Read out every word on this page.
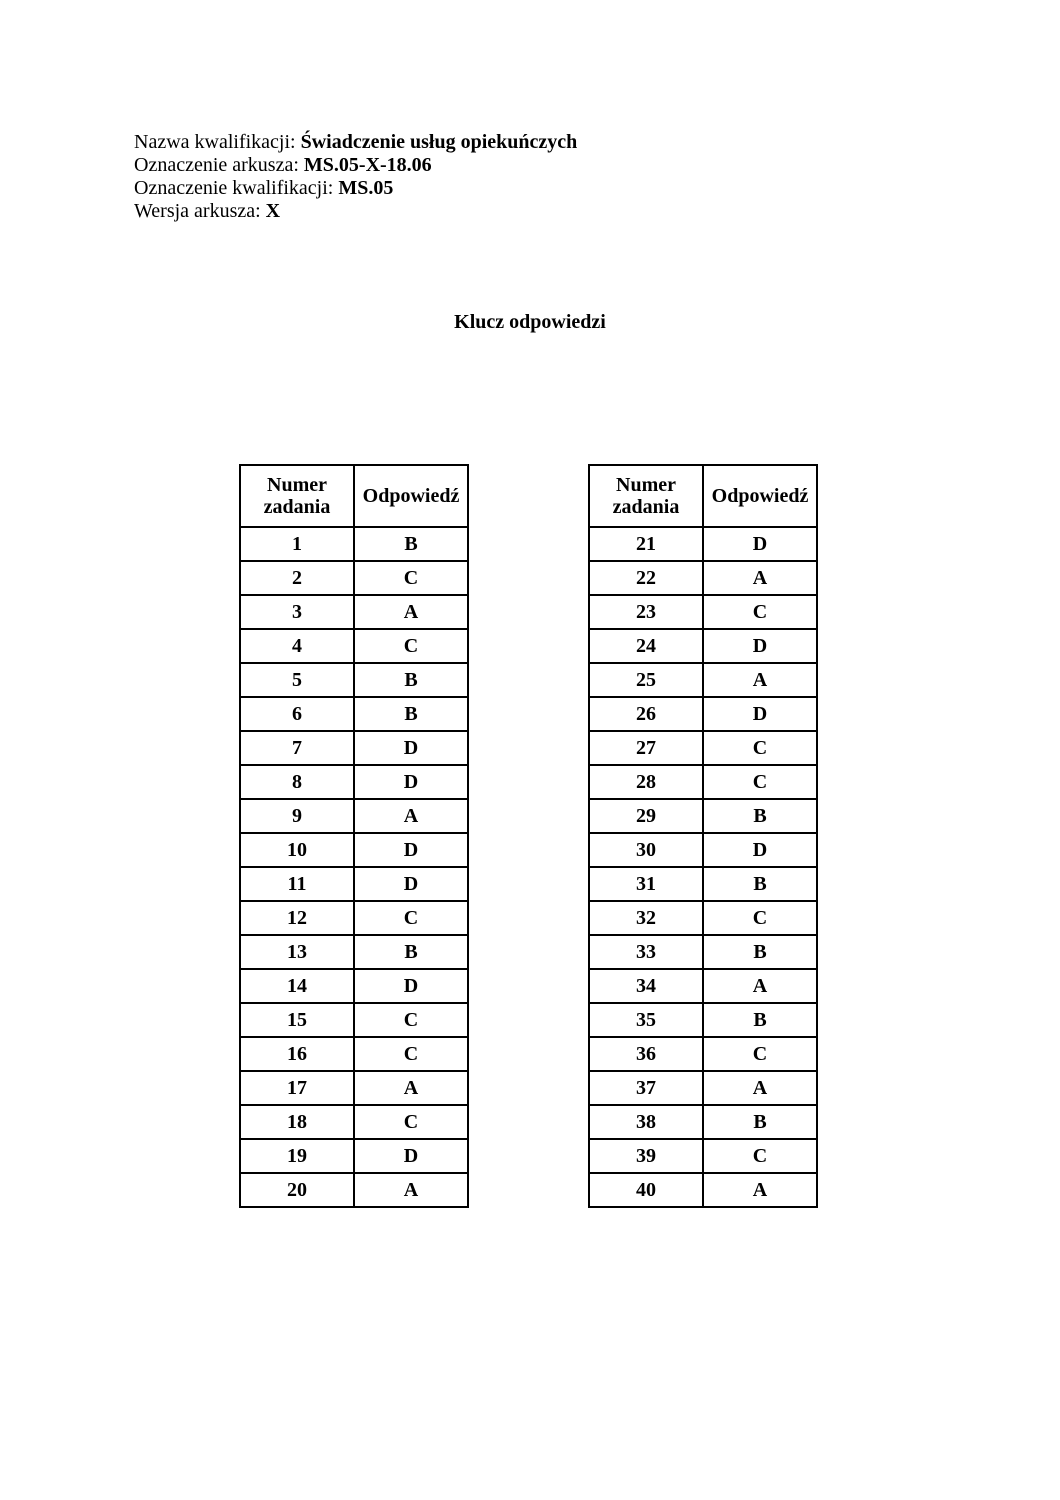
Nazwa kwalifikacji: Świadczenie usług opiekuńczych
Oznaczenie arkusza: MS.05-X-18.06
Oznaczenie kwalifikacji: MS.05
Wersja arkusza: X
Klucz odpowiedzi
Numer
zadania	Odpowiedź
1	B
2	C
3	A
4	C
5	B
6	B
7	D
8	D
9	A
10	D
11	D
12	C
13	B
14	D
15	C
16	C
17	A
18	C
19	D
20	A
Numer
zadania	Odpowiedź
21	D
22	A
23	C
24	D
25	A
26	D
27	C
28	C
29	B
30	D
31	B
32	C
33	B
34	A
35	B
36	C
37	A
38	B
39	C
40	A
